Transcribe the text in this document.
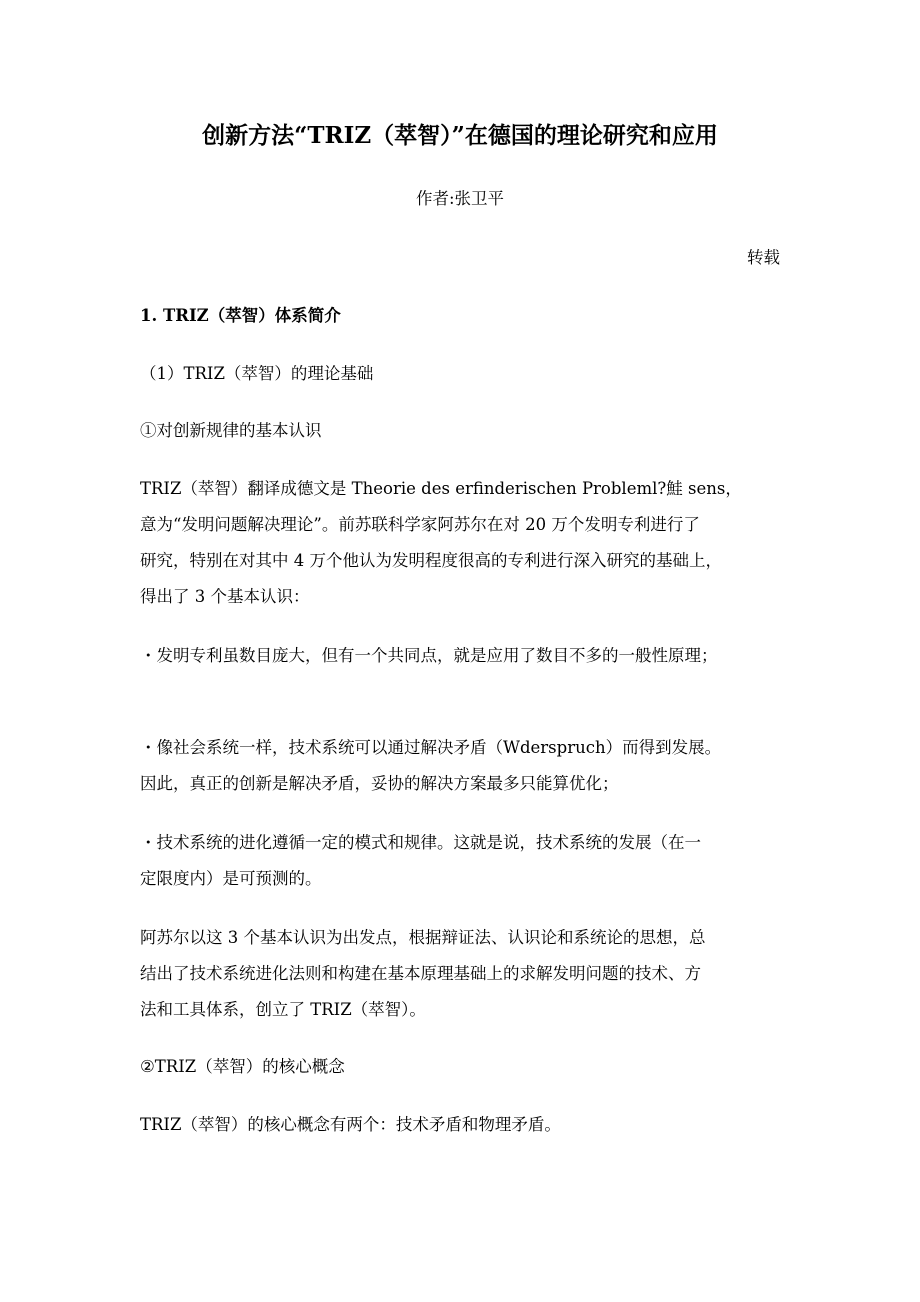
创新方法“TRIZ（萃智）”在德国的理论研究和应用
作者:张卫平
转载
1. TRIZ（萃智）体系简介
（1）TRIZ（萃智）的理论基础
①对创新规律的基本认识
TRIZ（萃智）翻译成德文是 Theorie des erfinderischen Probleml?鮭 sens，
意为“发明问题解决理论”。前苏联科学家阿苏尔在对 20 万个发明专利进行了
研究，特别在对其中 4 万个他认为发明程度很高的专利进行深入研究的基础上，
得出了 3 个基本认识：
・发明专利虽数目庞大，但有一个共同点，就是应用了数目不多的一般性原理；
・像社会系统一样，技术系统可以通过解决矛盾（Wderspruch）而得到发展。
因此，真正的创新是解决矛盾，妥协的解决方案最多只能算优化；
・技术系统的进化遵循一定的模式和规律。这就是说，技术系统的发展（在一
定限度内）是可预测的。
阿苏尔以这 3 个基本认识为出发点，根据辩证法、认识论和系统论的思想，总
结出了技术系统进化法则和构建在基本原理基础上的求解发明问题的技术、方
法和工具体系，创立了 TRIZ（萃智）。
②TRIZ（萃智）的核心概念
TRIZ（萃智）的核心概念有两个：技术矛盾和物理矛盾。
